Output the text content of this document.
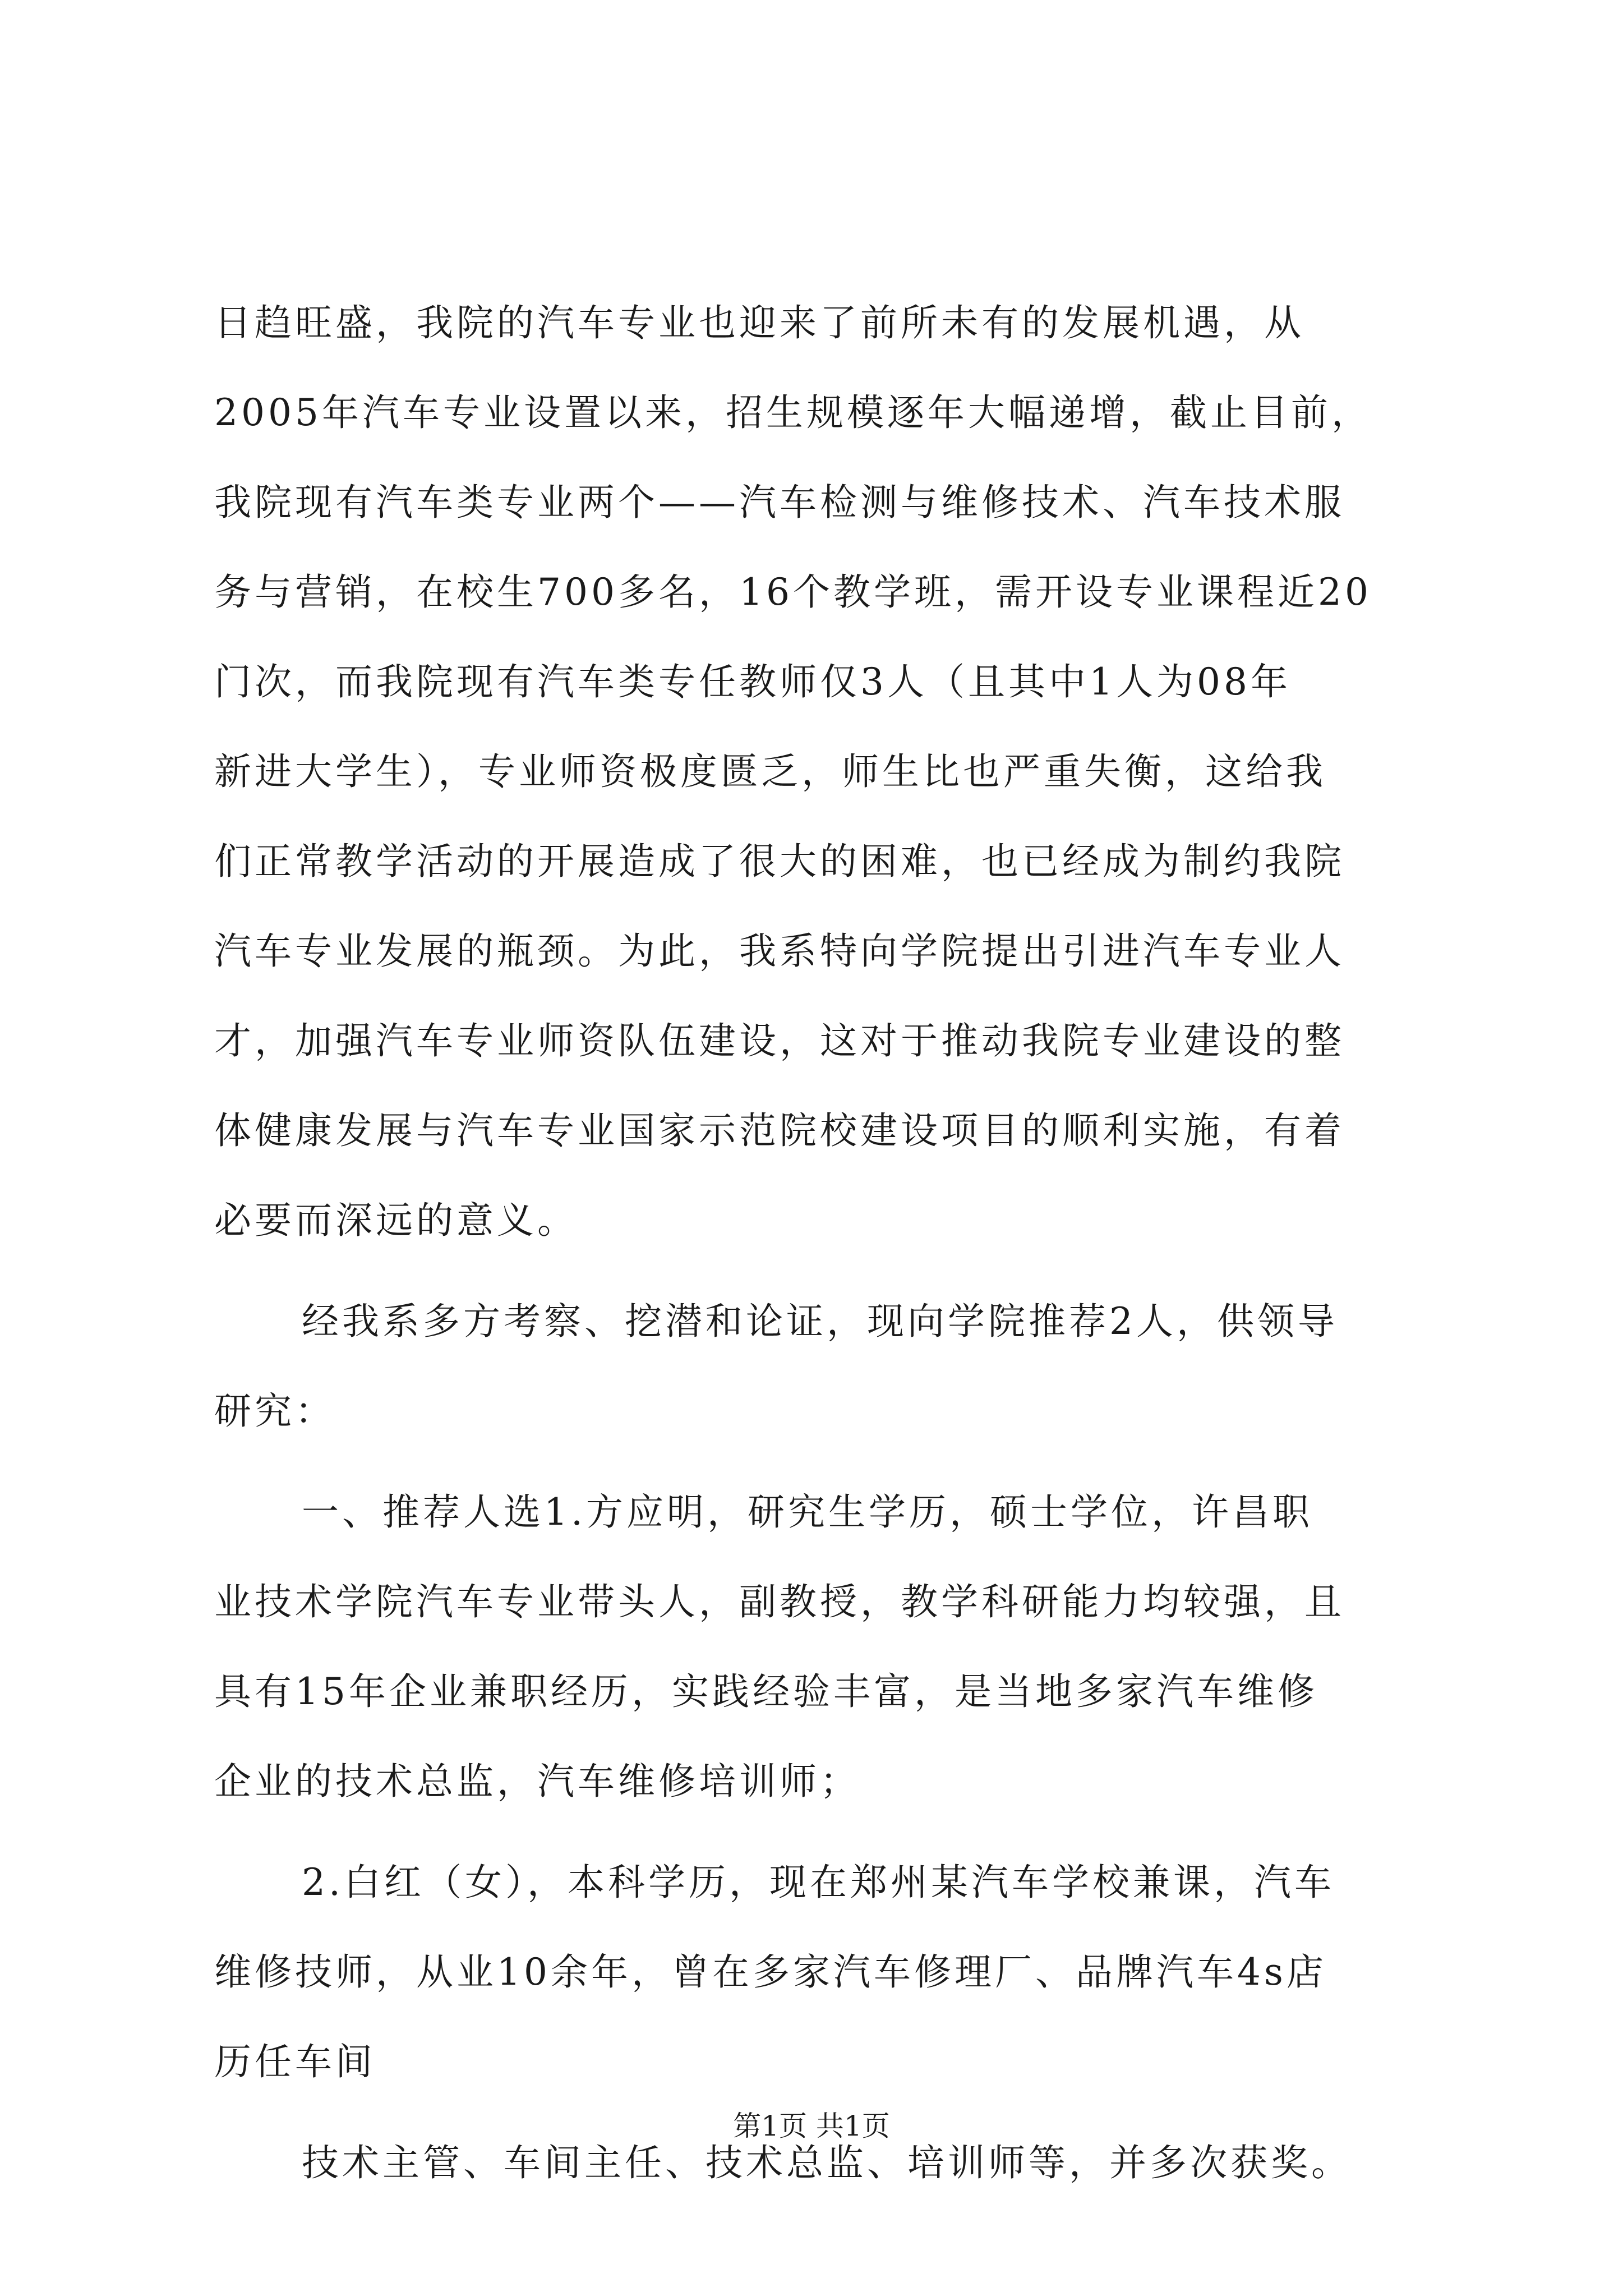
日趋旺盛，我院的汽车专业也迎来了前所未有的发展机遇，从
2005年汽车专业设置以来，招生规模逐年大幅递增，截止目前，
我院现有汽车类专业两个——汽车检测与维修技术、汽车技术服
务与营销，在校生700多名，16个教学班，需开设专业课程近20
门次，而我院现有汽车类专任教师仅3人（且其中1人为08年
新进大学生），专业师资极度匮乏，师生比也严重失衡，这给我
们正常教学活动的开展造成了很大的困难，也已经成为制约我院
汽车专业发展的瓶颈。为此，我系特向学院提出引进汽车专业人
才，加强汽车专业师资队伍建设，这对于推动我院专业建设的整
体健康发展与汽车专业国家示范院校建设项目的顺利实施，有着
必要而深远的意义。
经我系多方考察、挖潜和论证，现向学院推荐2人，供领导
研究：
一、推荐人选1.方应明，研究生学历，硕士学位，许昌职
业技术学院汽车专业带头人，副教授，教学科研能力均较强，且
具有15年企业兼职经历，实践经验丰富，是当地多家汽车维修
企业的技术总监，汽车维修培训师；
2.白红（女），本科学历，现在郑州某汽车学校兼课，汽车
维修技师，从业10余年，曾在多家汽车修理厂、品牌汽车4s店
历任车间
技术主管、车间主任、技术总监、培训师等，并多次获奖。
第1页 共1页
